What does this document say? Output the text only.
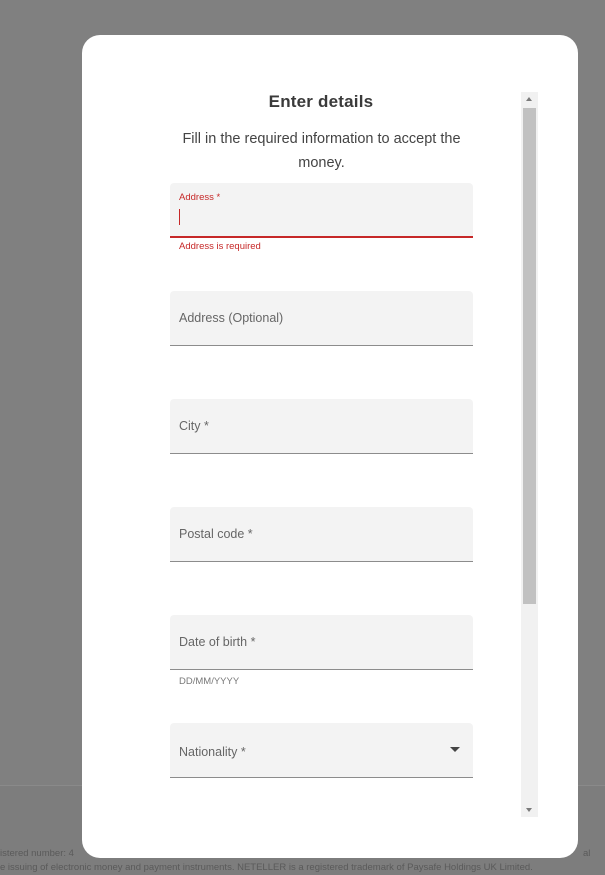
istered number: 4	al
e issuing of electronic money and payment instruments. NETELLER is a registered trademark of Paysafe Holdings UK Limited.
Enter details
Fill in the required information to accept the money.
Address *
Address is required
Address (Optional)
City *
Postal code *
Date of birth *
DD/MM/YYYY
Nationality *
